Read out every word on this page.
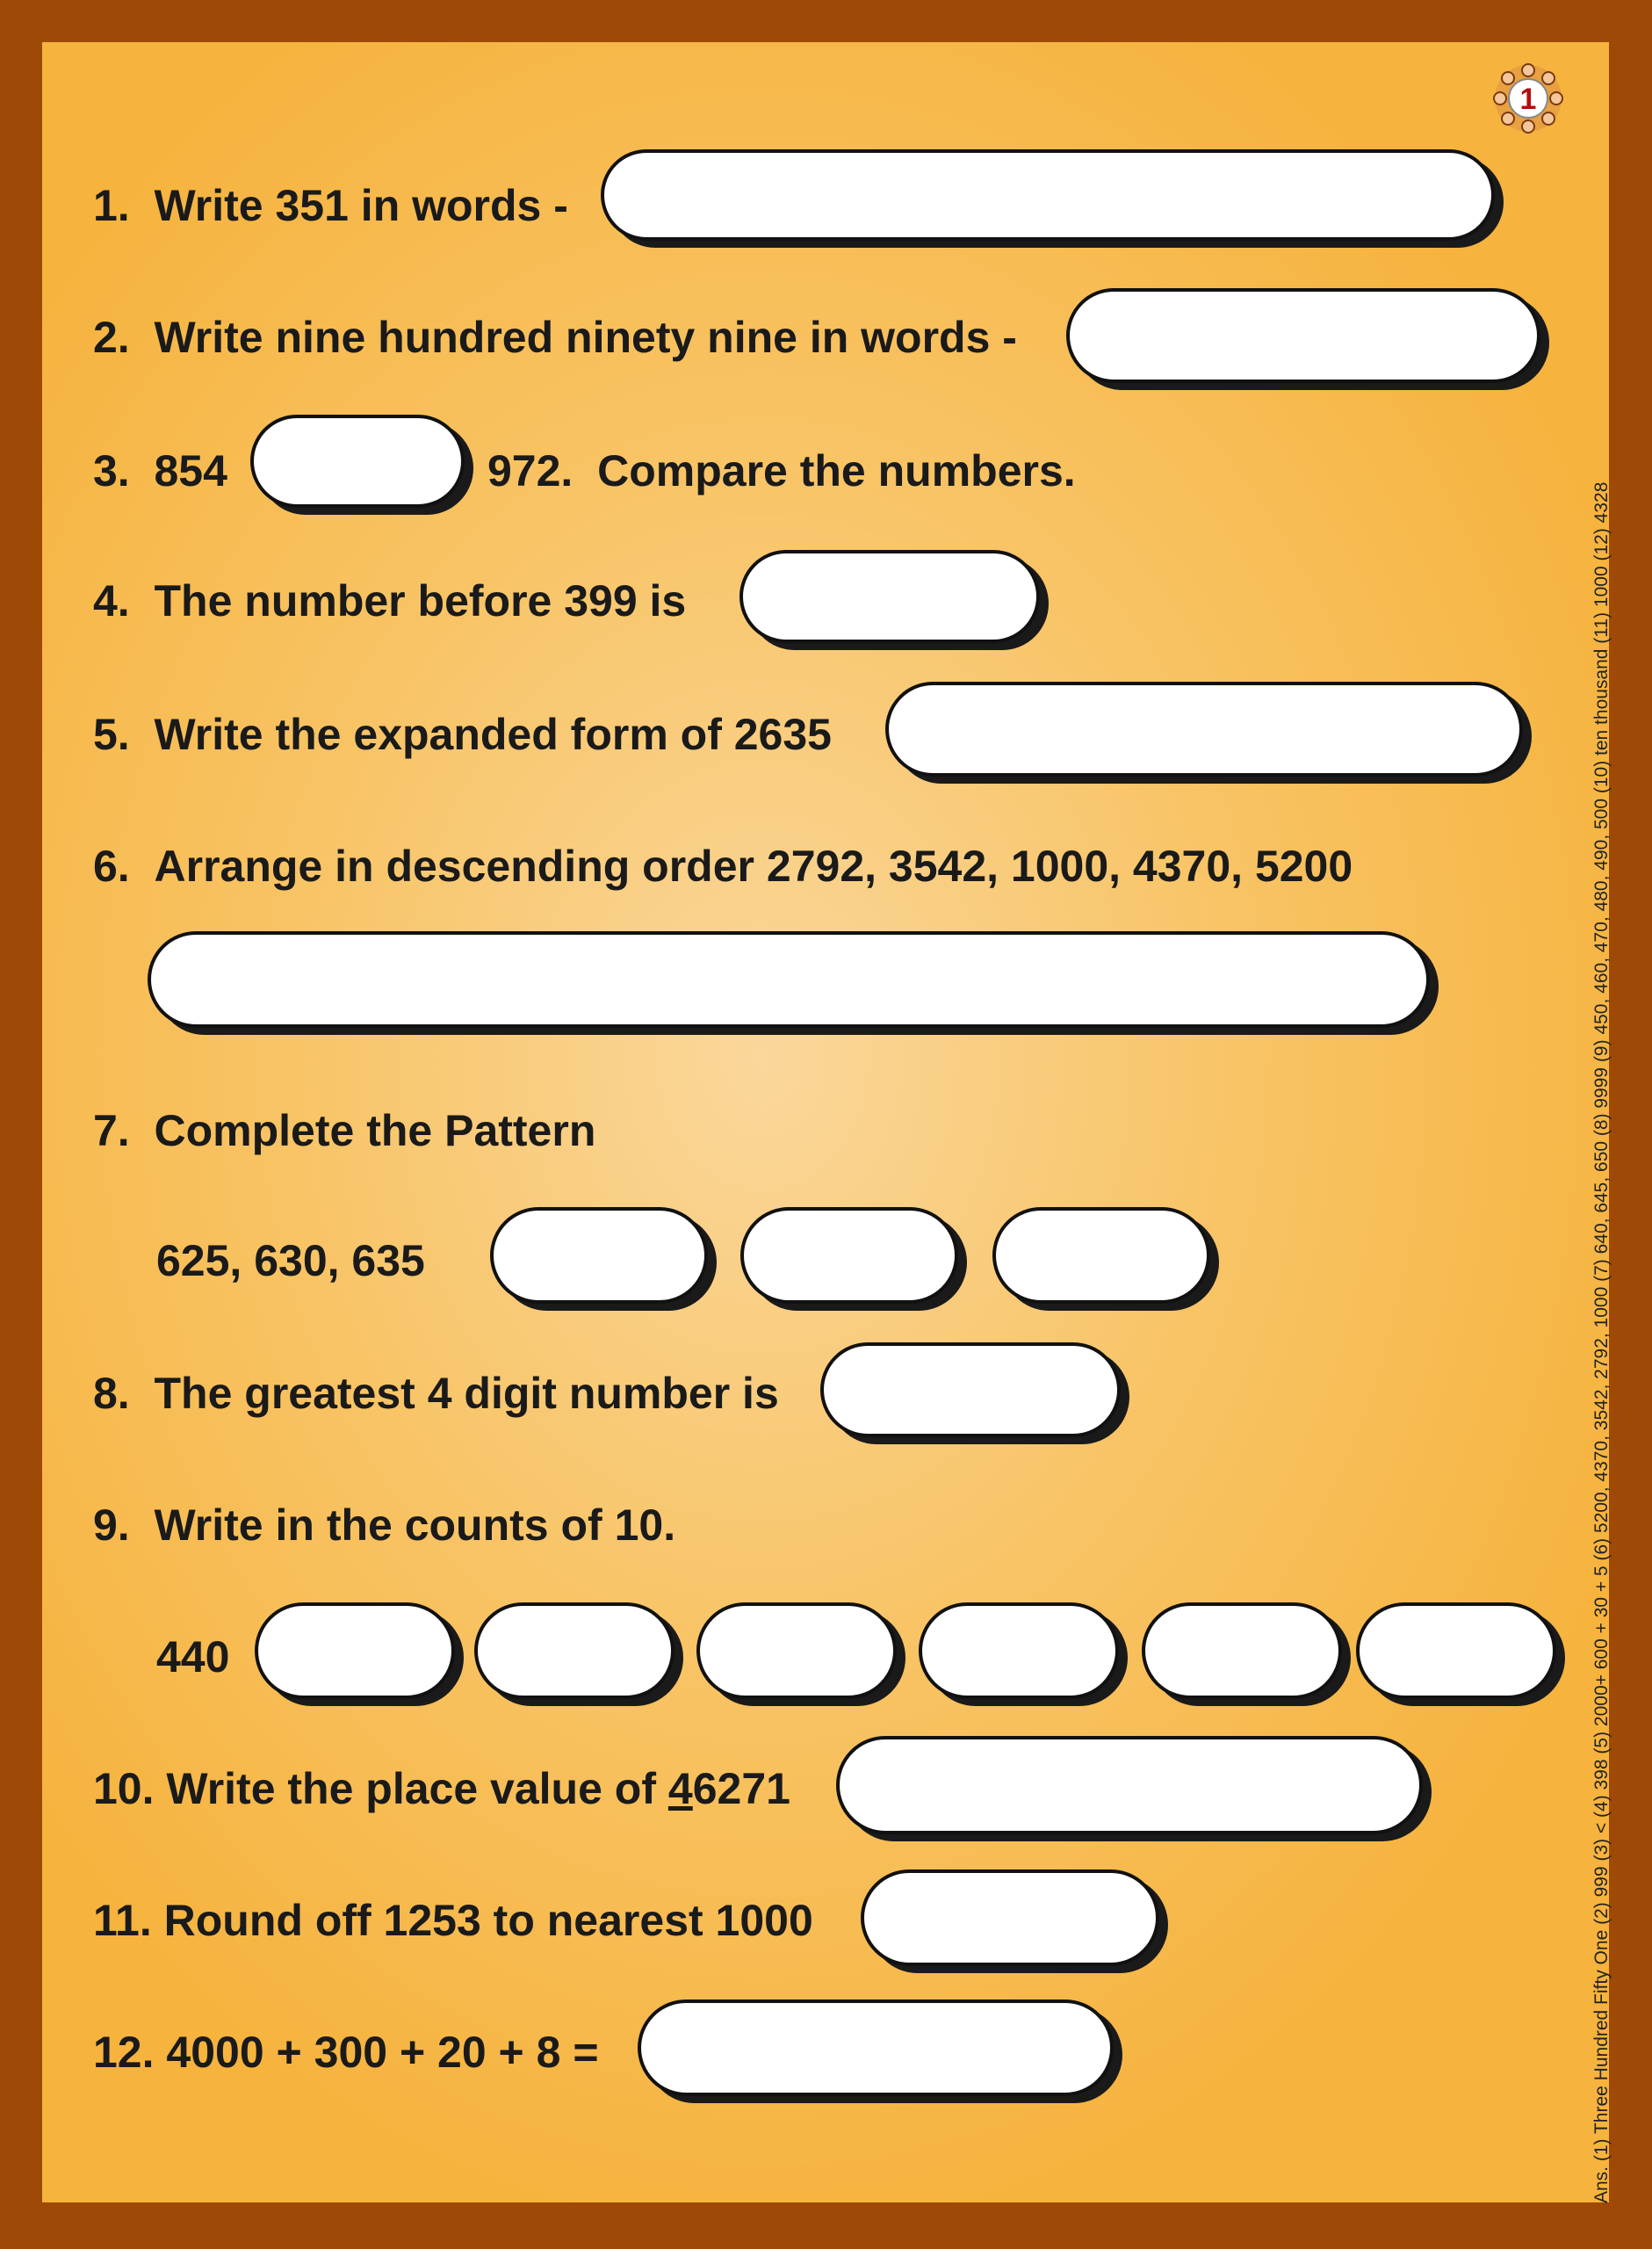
1
1. Write 351 in words -
2. Write nine hundred ninety nine in words -
3. 854	972. Compare the numbers.
4. The number before 399 is
5. Write the expanded form of 2635
6. Arrange in descending order 2792, 3542, 1000, 4370, 5200
7. Complete the Pattern
625, 630, 635
8. The greatest 4 digit number is
9. Write in the counts of 10.
440
10. Write the place value of 46271
11. Round off 1253 to nearest 1000
12. 4000 + 300 + 20 + 8 =	Ans. (1) Three Hundred Fifty One (2) 999 (3) < (4) 398 (5) 2000+ 600 + 30 + 5 (6) 5200, 4370, 3542, 2792, 1000 (7) 640, 645, 650 (8) 9999 (9) 450, 460, 470, 480, 490, 500 (10) ten thousand (11) 1000 (12) 4328
